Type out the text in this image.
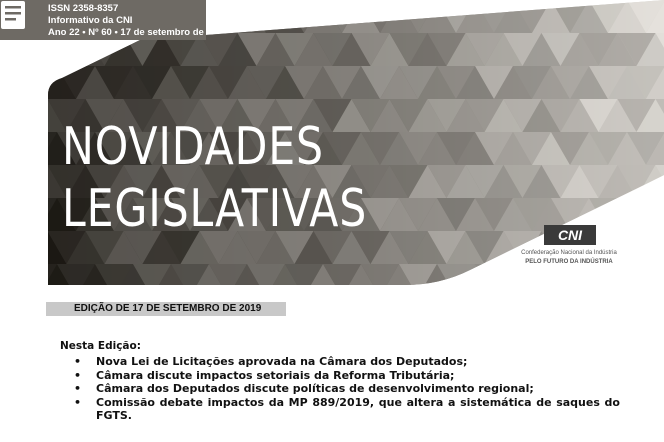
ISSN 2358-8357
Informativo da CNI
Ano 22 • Nº 60 • 17 de setembro de 2019
NOVIDADES
LEGISLATIVAS	CNI
Confederação Nacional da Indústria
PELO FUTURO DA INDÚSTRIA
EDIÇÃO DE 17 DE SETEMBRO DE 2019
Nesta Edição:
• Nova Lei de Licitações aprovada na Câmara dos Deputados;
• Câmara discute impactos setoriais da Reforma Tributária;
• Câmara dos Deputados discute políticas de desenvolvimento regional;
• Comissão debate impactos da MP 889/2019, que altera a sistemática de saques do FGTS.
